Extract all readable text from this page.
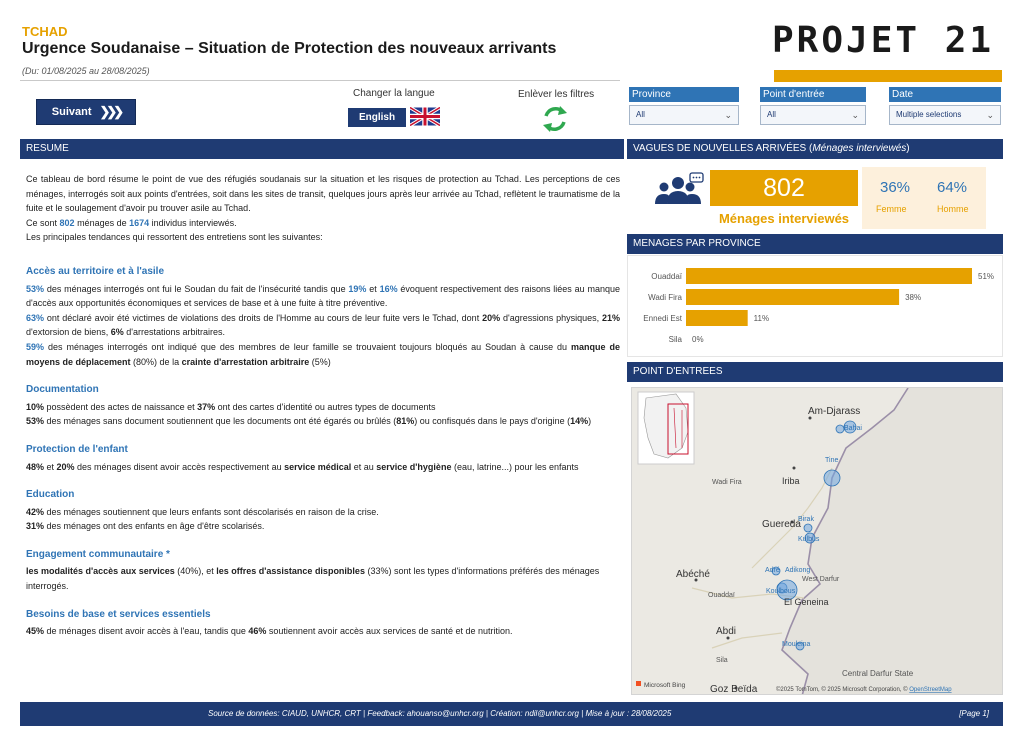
TCHAD
Urgence Soudanaise – Situation de Protection des nouveaux arrivants
(Du: 01/08/2025 au 28/08/2025)
PROJET 21
Suivant ❯❯❯
Changer la langue
English
Enlèver les filtres	Province
All	⌄
Point d'entrée
All	⌄
Date
Multiple selections	⌄
RESUME

Ce tableau de bord résume le point de vue des réfugiés soudanais sur la situation et les risques de protection au Tchad. Les perceptions de ces ménages, interrogés soit aux points d'entrées, soit dans les sites de transit, quelques jours après leur arrivée au Tchad, reflètent le traumatisme de la fuite et le soulagement d'avoir pu trouver asile au Tchad.

Ce sont 802 ménages de 1674 individus interviewés.

Les principales tendances qui ressortent des entretiens sont les suivantes:

Accès au territoire et à l'asile

53% des ménages interrogés ont fui le Soudan du fait de l'insécurité tandis que 19% et 16% évoquent respectivement des raisons liées au manque d'accès aux opportunités économiques et services de base et à une fuite à titre préventive.

63% ont déclaré avoir été victimes de violations des droits de l'Homme au cours de leur fuite vers le Tchad, dont 20% d'agressions physiques, 21% d'extorsion de biens, 6% d'arrestations arbitraires.

59% des ménages interrogés ont indiqué que des membres de leur famille se trouvaient toujours bloqués au Soudan à cause du manque de moyens de déplacement (80%) de la crainte d'arrestation arbitraire (5%)

Documentation

10% possèdent des actes de naissance et 37% ont des cartes d'identité ou autres types de documents

53% des ménages sans document soutiennent que les documents ont été égarés ou brûlés (81%) ou confisqués dans le pays d'origine (14%)

Protection de l'enfant

48% et 20% des ménages disent avoir accès respectivement au service médical et au service d'hygiène (eau, latrine...) pour les enfants

Education

42% des ménages soutiennent que leurs enfants sont déscolarisés en raison de la crise.

31% des ménages ont des enfants en âge d'être scolarisés.

Engagement communautaire *

les modalités d'accès aux services (40%), et les offres d'assistance disponibles (33%) sont les types d'informations préférés des ménages interrogés.

Besoins de base et services essentiels

45% de ménages disent avoir accès à l'eau, tandis que 46% soutiennent avoir accès aux services de santé et de nutrition.

VAGUES DE NOUVELLES ARRIVÉES (Ménages interviewés)
802
Ménages interviewés
36%
Femme
64%
Homme
MENAGES PAR PROVINCE
Ouaddaï	51%
Wadi Fira	38%
Ennedi Est	11%
Sila 0%
POINT D'ENTREES
Am-Djarass
Bahai
Tine
Wadi Fira	Iriba
Birak
Guereda
Kulbus
Abéché	Adré Adikong
West Darfur
Ouaddaï
Koulbous
El Geneina
Abdi
Mouleina
Sila
Central Darfur State
Goz Beïda
Microsoft Bing
©2025 TomTom, © 2025 Microsoft Corporation, © OpenStreetMap
Source de données: CIAUD, UNHCR, CRT | Feedback: ahouanso@unhcr.org | Création: ndil@unhcr.org | Mise à jour : 28/08/2025	[Page 1]
